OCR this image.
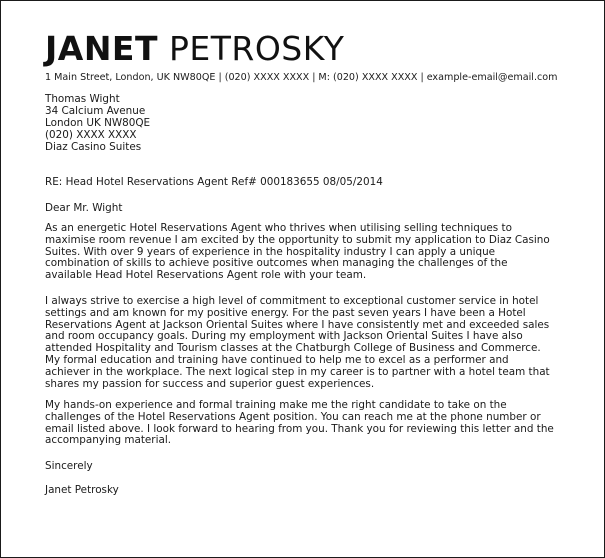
JANET PETROSKY
1 Main Street, London, UK NW80QE | (020) XXXX XXXX | M: (020) XXXX XXXX | example-email@email.com
Thomas Wight
34 Calcium Avenue
London UK NW80QE
(020) XXXX XXXX
Diaz Casino Suites
RE: Head Hotel Reservations Agent Ref# 000183655 08/05/2014
Dear Mr. Wight
As an energetic Hotel Reservations Agent who thrives when utilising selling techniques to
maximise room revenue I am excited by the opportunity to submit my application to Diaz Casino
Suites. With over 9 years of experience in the hospitality industry I can apply a unique
combination of skills to achieve positive outcomes when managing the challenges of the
available Head Hotel Reservations Agent role with your team.
I always strive to exercise a high level of commitment to exceptional customer service in hotel
settings and am known for my positive energy. For the past seven years I have been a Hotel
Reservations Agent at Jackson Oriental Suites where I have consistently met and exceeded sales
and room occupancy goals. During my employment with Jackson Oriental Suites I have also
attended Hospitality and Tourism classes at the Chatburgh College of Business and Commerce.
My formal education and training have continued to help me to excel as a performer and
achiever in the workplace. The next logical step in my career is to partner with a hotel team that
shares my passion for success and superior guest experiences.
My hands-on experience and formal training make me the right candidate to take on the
challenges of the Hotel Reservations Agent position. You can reach me at the phone number or
email listed above. I look forward to hearing from you. Thank you for reviewing this letter and the
accompanying material.
Sincerely
Janet Petrosky
